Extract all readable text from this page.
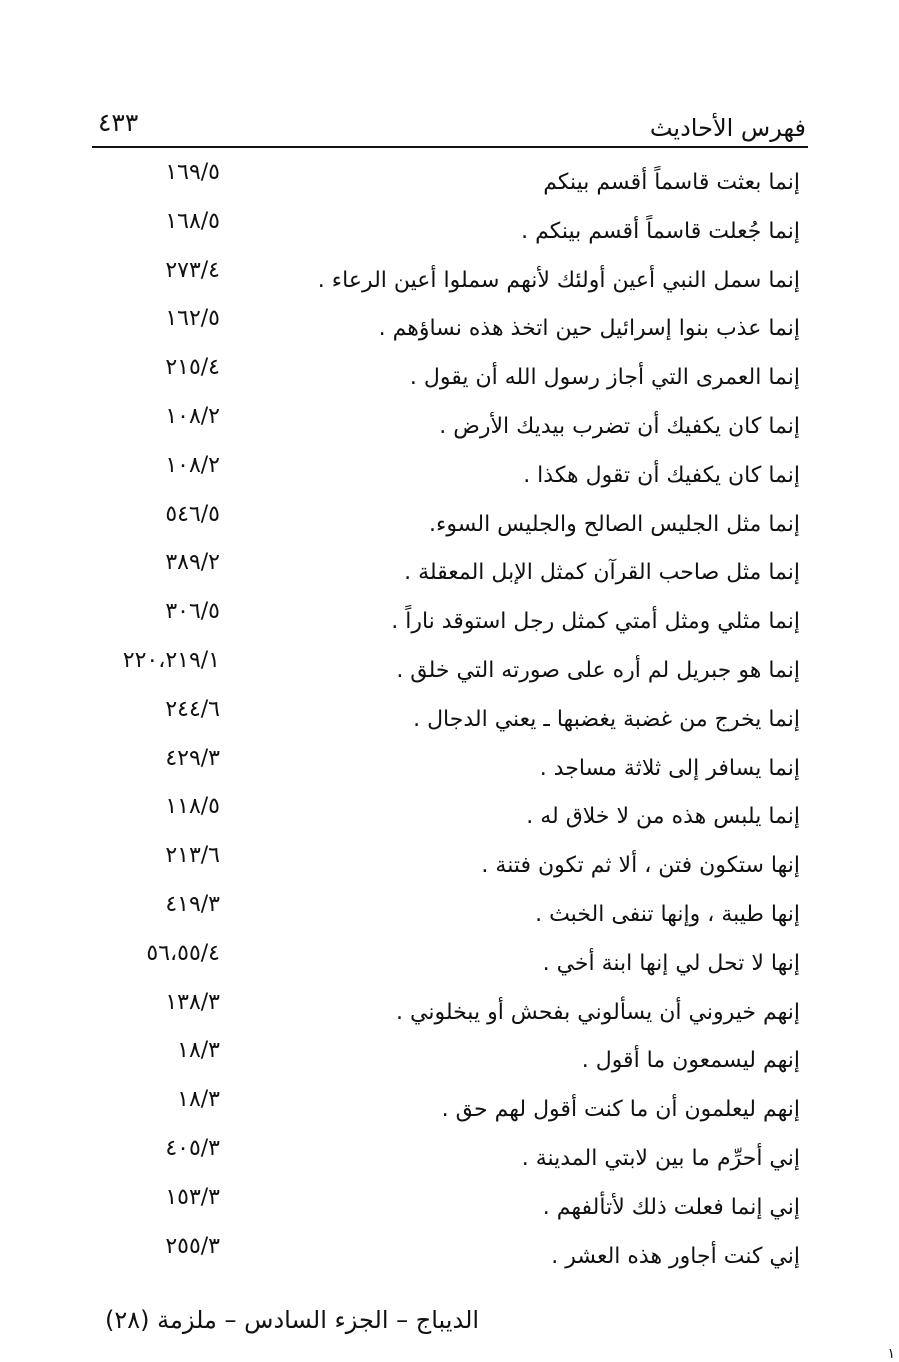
فهرس الأحاديث
٤٣٣
إنما بعثت قاسماً أقسم بينكم
١٦٩/٥
إنما جُعلت قاسماً أقسم بينكم .
١٦٨/٥
إنما سمل النبي أعين أولئك لأنهم سملوا أعين الرعاء .
٢٧٣/٤
إنما عذب بنوا إسرائيل حين اتخذ هذه نساؤهم .
١٦٢/٥
إنما العمرى التي أجاز رسول الله أن يقول .
٢١٥/٤
إنما كان يكفيك أن تضرب بيديك الأرض .
١٠٨/٢
إنما كان يكفيك أن تقول هكذا .
١٠٨/٢
إنما مثل الجليس الصالح والجليس السوء.
٥٤٦/٥
إنما مثل صاحب القرآن كمثل الإبل المعقلة .
٣٨٩/٢
إنما مثلي ومثل أمتي كمثل رجل استوقد ناراً .
٣٠٦/٥
إنما هو جبريل لم أره على صورته التي خلق .
٢٢٠،٢١٩/١
إنما يخرج من غضبة يغضبها ـ يعني الدجال .
٢٤٤/٦
إنما يسافر إلى ثلاثة مساجد .
٤٢٩/٣
إنما يلبس هذه من لا خلاق له .
١١٨/٥
إنها ستكون فتن ، ألا ثم تكون فتنة .
٢١٣/٦
إنها طيبة ، وإنها تنفى الخبث .
٤١٩/٣
إنها لا تحل لي إنها ابنة أخي .
٥٦،٥٥/٤
إنهم خيروني أن يسألوني بفحش أو يبخلوني .
١٣٨/٣
إنهم ليسمعون ما أقول .
١٨/٣
إنهم ليعلمون أن ما كنت أقول لهم حق .
١٨/٣
إني أحرِّم ما بين لابتي المدينة .
٤٠٥/٣
إني إنما فعلت ذلك لأتألفهم .
١٥٣/٣
إني كنت أجاور هذه العشر .
٢٥٥/٣
الديباج – الجزء السادس – ملزمة (٢٨)
١
